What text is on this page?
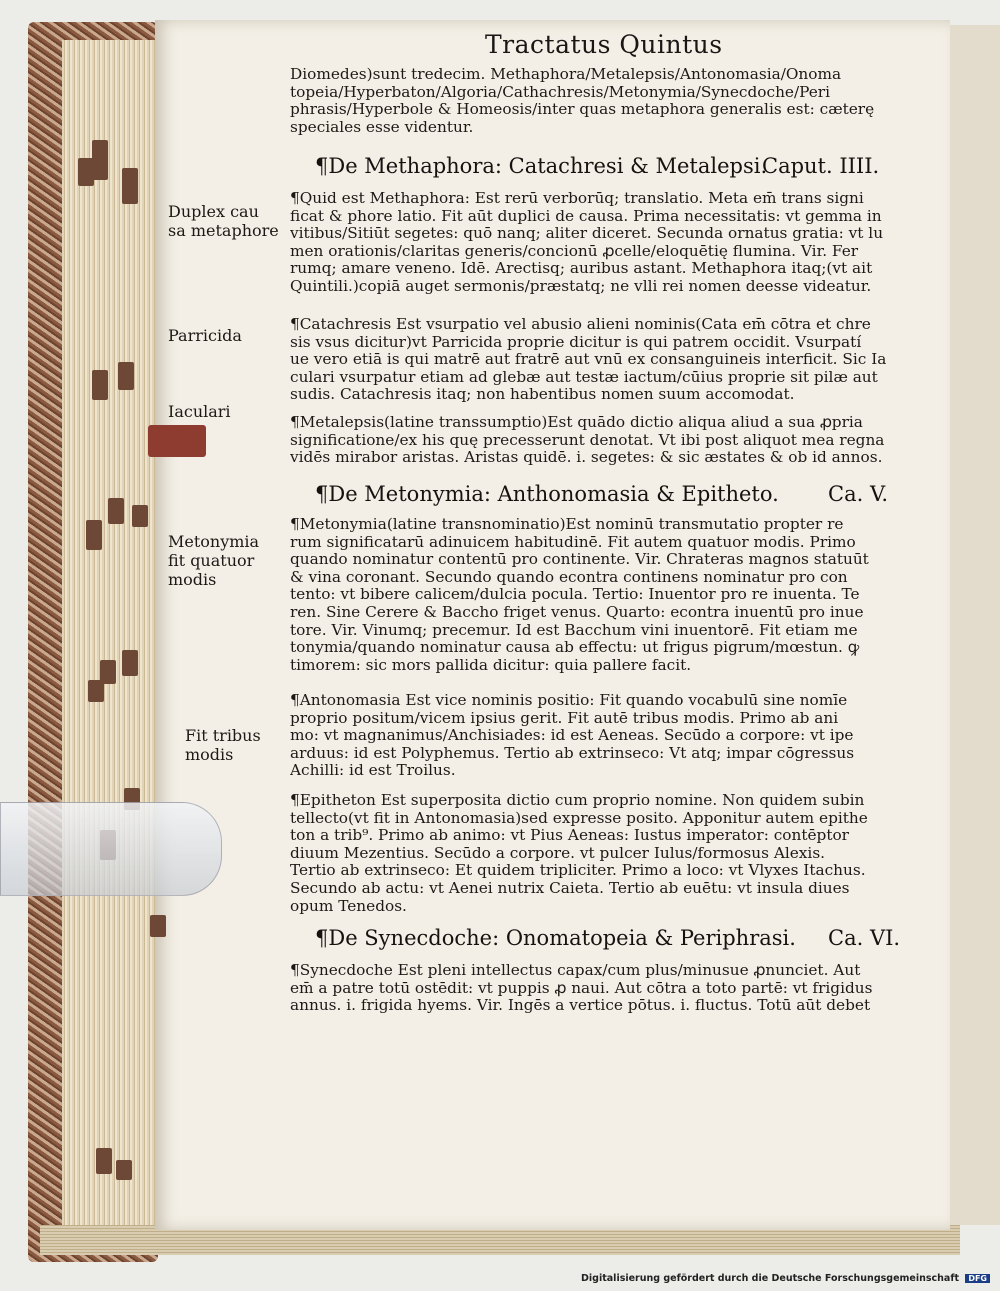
Tractatus Quintus
Diomedes)sunt tredecim. Methaphora/Metalepsis/Antonomasia/Onoma
topeia/Hyperbaton/Algoria/Cathachresis/Metonymia/Synecdoche/Peri
phrasis/Hyperbole & Homeosis/inter quas metaphora generalis est: cæterę
speciales esse videntur.
¶De Methaphora: Catachresi & Metalepsi.
Caput. IIII.
¶Quid est Methaphora: Est rerū verborūq; translatio. Meta em̄ trans signi
ficat & phore latio. Fit aūt duplici de causa. Prima necessitatis: vt gemma in
vitibus/Sitiūt segetes: quō nanq; aliter diceret. Secunda ornatus gratia: vt lu
men orationis/claritas generis/concionū ꝓcelle/eloquētię flumina. Vir. Fer
rumq; amare veneno. Idē. Arectisq; auribus astant. Methaphora itaq;(vt ait
Quintili.)copiā auget sermonis/præstatq; ne vlli rei nomen deesse videatur.
¶Catachresis Est vsurpatio vel abusio alieni nominis(Cata em̄ cōtra et chre
sis vsus dicitur)vt Parricida proprie dicitur is qui patrem occidit. Vsurpatí
ue vero etiā is qui matrē aut fratrē aut vnū ex consanguineis interficit. Sic Ia
culari vsurpatur etiam ad glebæ aut testæ iactum/cūius proprie sit pilæ aut
sudis. Catachresis itaq; non habentibus nomen suum accomodat.
¶Metalepsis(latine transsumptio)Est quādo dictio aliqua aliud a sua ꝓpria
significatione/ex his quę precesserunt denotat. Vt ibi post aliquot mea regna
vidēs mirabor aristas. Aristas quidē. i. segetes: & sic æstates & ob id annos.
¶De Metonymia: Anthonomasia & Epitheto. Ca. V.
¶Metonymia(latine transnominatio)Est nominū transmutatio propter re
rum significatarū adinuicem habitudinē. Fit autem quatuor modis. Primo
quando nominatur contentū pro continente. Vir. Chrateras magnos statuūt
& vina coronant. Secundo quando econtra continens nominatur pro con
tento: vt bibere calicem/dulcia pocula. Tertio: Inuentor pro re inuenta. Te
ren. Sine Cerere & Baccho friget venus. Quarto: econtra inuentū pro inue
tore. Vir. Vinumq; precemur. Id est Bacchum vini inuentorē. Fit etiam me
tonymia/quando nominatur causa ab effectu: ut frigus pigrum/mœstun. ꝙ
timorem: sic mors pallida dicitur: quia pallere facit.
¶Antonomasia Est vice nominis positio: Fit quando vocabulū sine nomīe
proprio positum/vicem ipsius gerit. Fit autē tribus modis. Primo ab ani
mo: vt magnanimus/Anchisiades: id est Aeneas. Secūdo a corpore: vt ipe
arduus: id est Polyphemus. Tertio ab extrinseco: Vt atq; impar cōgressus
Achilli: id est Troilus.
¶Epitheton Est superposita dictio cum proprio nomine. Non quidem subin
tellecto(vt fit in Antonomasia)sed expresse posito. Apponitur autem epithe
ton a trib⁹. Primo ab animo: vt Pius Aeneas: Iustus imperator: contēptor
diuum Mezentius. Secūdo a corpore. vt pulcer Iulus/formosus Alexis.
Tertio ab extrinseco: Et quidem tripliciter. Primo a loco: vt Vlyxes Itachus.
Secundo ab actu: vt Aenei nutrix Caieta. Tertio ab euētu: vt insula diues
opum Tenedos.
¶De Synecdoche: Onomatopeia & Periphrasi. Ca. VI.
¶Synecdoche Est pleni intellectus capax/cum plus/minusue ꝓnunciet. Aut
em̄ a patre totū ostēdit: vt puppis ꝓ naui. Aut cōtra a toto partē: vt frigidus
annus. i. frigida hyems. Vir. Ingēs a vertice pōtus. i. fluctus. Totū aūt debet
Duplex cau
sa metaphore
Parricida
Iaculari
Metonymia
fit quatuor
modis
Fit tribus
modis
Digitalisierung gefördert durch die Deutsche Forschungsgemeinschaft DFG
